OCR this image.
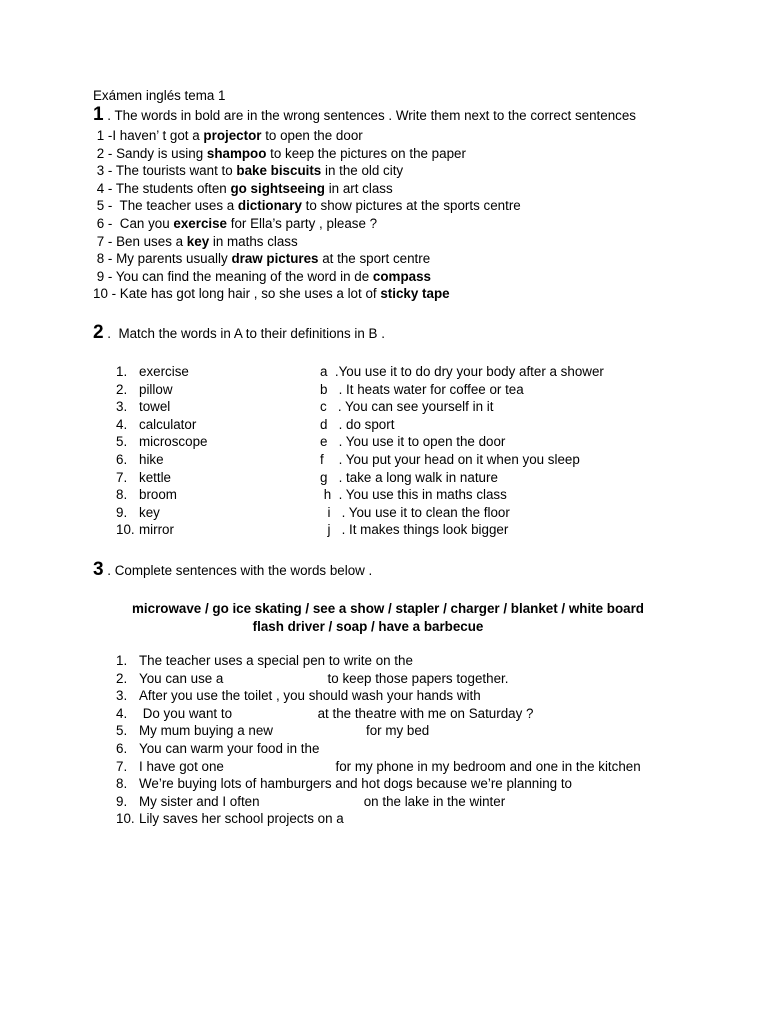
Exámen inglés tema 1
1 . The words in bold are in the wrong sentences . Write them next to the correct sentences
1 -I haven’ t got a projector to open the door
2 - Sandy is using shampoo to keep the pictures on the paper
3 - The tourists want to bake biscuits in the old city
4 - The students often go sightseeing in art class
5 -  The teacher uses a dictionary to show pictures at the sports centre
6 -  Can you exercise for Ella’s party , please ?
7 - Ben uses a key in maths class
8 - My parents usually draw pictures at the sport centre
9 - You can find the meaning of the word in de compass
10 - Kate has got long hair , so she uses a lot of sticky tape
2 .  Match the words in A to their definitions in B .
1. exercise
2. pillow
3. towel
4. calculator
5. microscope
6. hike
7. kettle
8. broom
9. key
10. mirror
a  .You use it to do dry your body after a shower
b   . It heats water for coffee or tea
c   . You can see yourself in it
d   . do sport
e   . You use it to open the door
f    . You put your head on it when you sleep
g   . take a long walk in nature
h  . You use this in maths class
i   . You use it to clean the floor
j   . It makes things look bigger
3 . Complete sentences with the words below .
microwave / go ice skating / see a show / stapler / charger / blanket / white board
flash driver / soap / have a barbecue
1. The teacher uses a special pen to write on the
2. You can use a                            to keep those papers together.
3. After you use the toilet , you should wash your hands with
4. Do you want to                       at the theatre with me on Saturday ?
5. My mum buying a new                         for my bed
6. You can warm your food in the
7. I have got one                              for my phone in my bedroom and one in the kitchen
8. We’re buying lots of hamburgers and hot dogs because we’re planning to
9. My sister and I often                            on the lake in the winter
10. Lily saves her school projects on a
